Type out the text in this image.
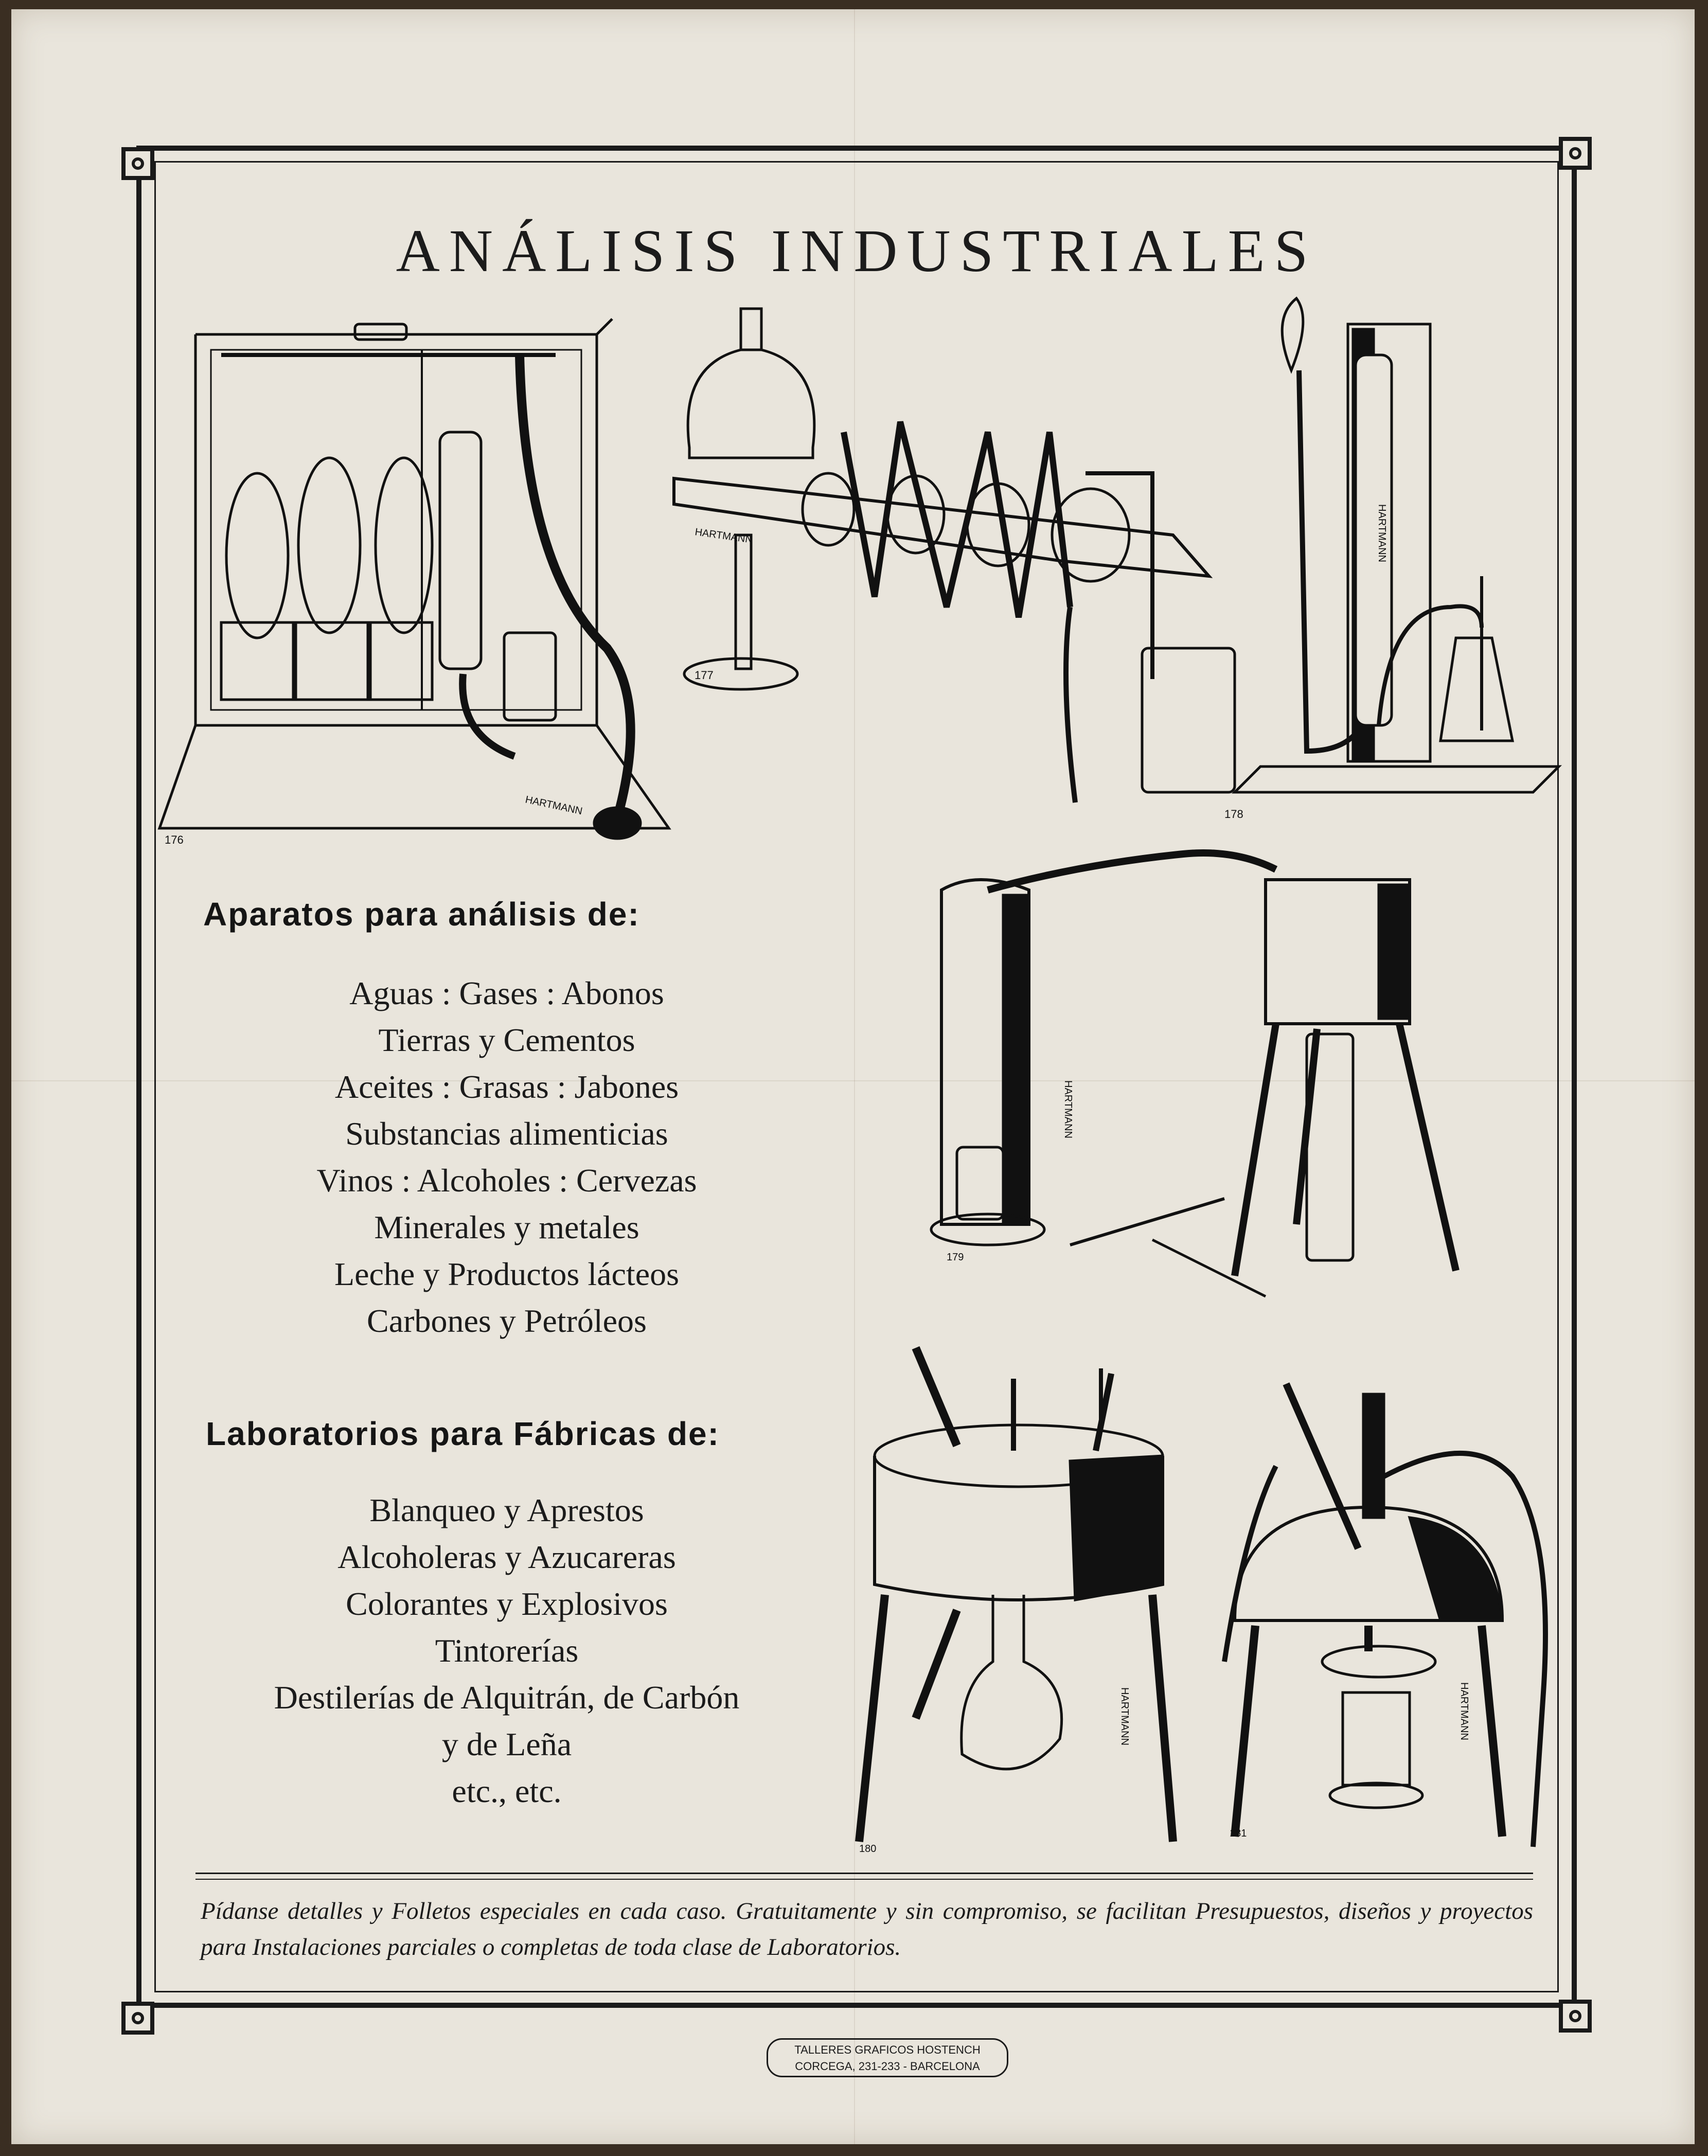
ANÁLISIS INDUSTRIALES
176
HARTMANN
177
HARTMANN
178
HARTMANN
179
HARTMANN
180
HARTMANN
181
HARTMANN
Aparatos para análisis de:
Aguas : Gases : Abonos
Tierras y Cementos
Aceites : Grasas : Jabones
Substancias alimenticias
Vinos : Alcoholes : Cervezas
Minerales y metales
Leche y Productos lácteos
Carbones y Petróleos
Laboratorios para Fábricas de:
Blanqueo y Aprestos
Alcoholeras y Azucareras
Colorantes y Explosivos
Tintorerías
Destilerías de Alquitrán, de Carbón
y de Leña
etc., etc.
Pídanse detalles y Folletos especiales en cada caso. Gratuitamente y sin compromiso, se facilitan Presupuestos, diseños y proyectos para Instalaciones parciales o completas de toda clase de Laboratorios.
TALLERES GRAFICOS HOSTENCH
CORCEGA, 231-233 - BARCELONA
